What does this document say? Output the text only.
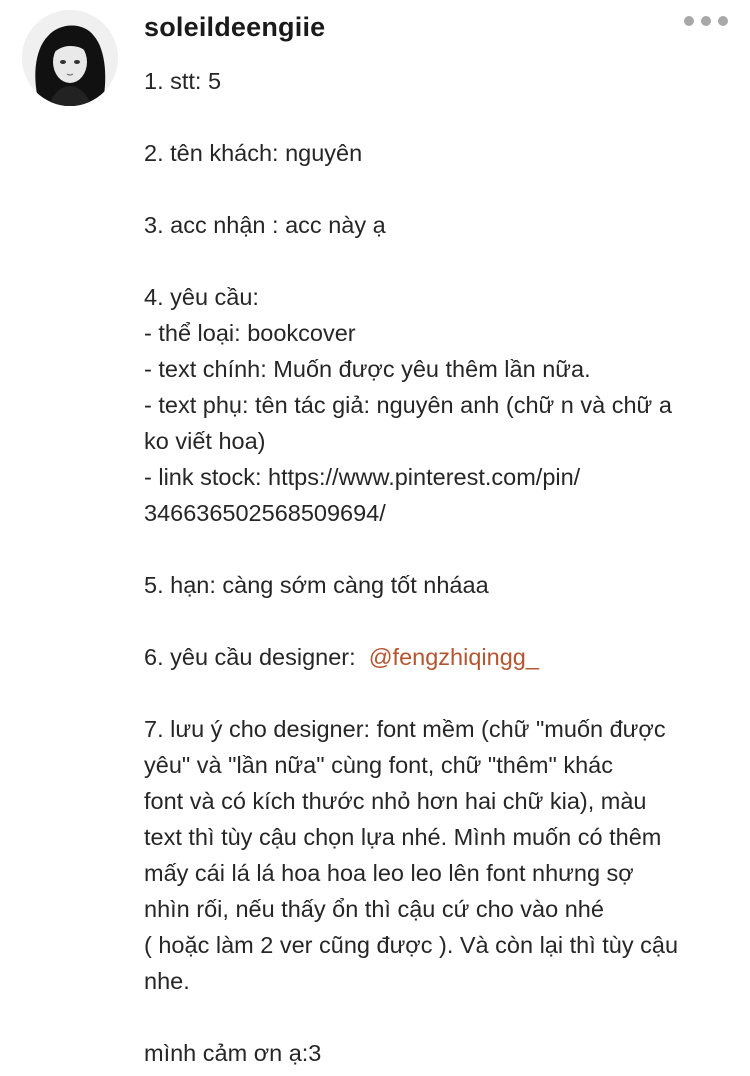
soleildeengiie
1. stt: 5
2. tên khách: nguyên
3. acc nhận : acc này ạ
4. yêu cầu:
- thể loại: bookcover
- text chính: Muốn được yêu thêm lần nữa.
- text phụ: tên tác giả: nguyên anh (chữ n và chữ a
ko viết hoa)
- link stock: https://www.pinterest.com/pin/
346636502568509694/
5. hạn: càng sớm càng tốt nháaa
6. yêu cầu designer:  @fengzhiqingg_
7. lưu ý cho designer: font mềm (chữ "muốn được
yêu" và "lần nữa" cùng font, chữ "thêm" khác
font và có kích thước nhỏ hơn hai chữ kia), màu
text thì tùy cậu chọn lựa nhé. Mình muốn có thêm
mấy cái lá lá hoa hoa leo leo lên font nhưng sợ
nhìn rối, nếu thấy ổn thì cậu cứ cho vào nhé
( hoặc làm 2 ver cũng được ). Và còn lại thì tùy cậu
nhe.
mình cảm ơn ạ:3
